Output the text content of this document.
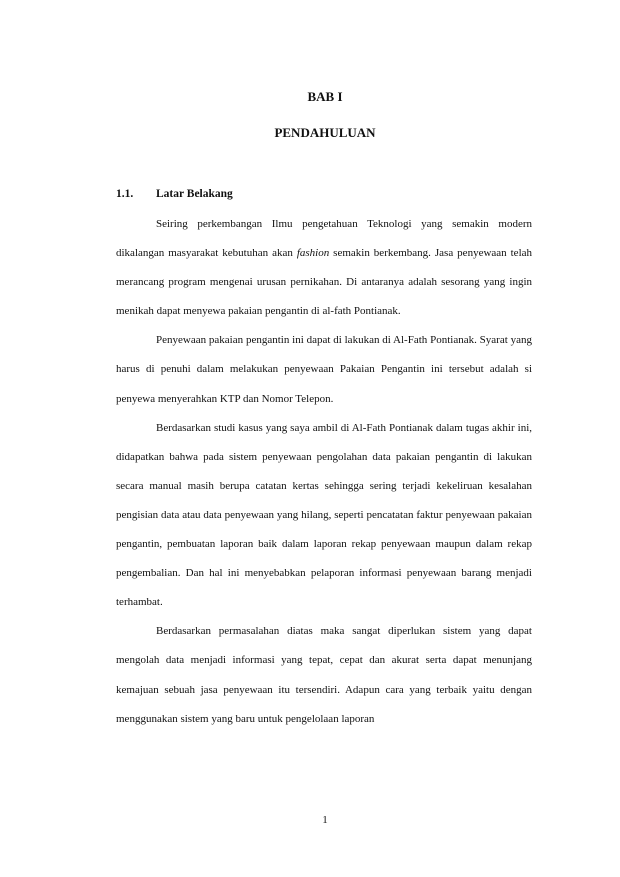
BAB I
PENDAHULUAN
1.1. Latar Belakang

Seiring perkembangan Ilmu pengetahuan Teknologi yang semakin modern dikalangan masyarakat kebutuhan akan fashion semakin berkembang. Jasa penyewaan telah merancang program mengenai urusan pernikahan. Di antaranya adalah sesorang yang ingin menikah dapat menyewa pakaian pengantin di al-fath Pontianak.

Penyewaan pakaian pengantin ini dapat di lakukan di Al-Fath Pontianak. Syarat yang harus di penuhi dalam melakukan penyewaan Pakaian Pengantin ini tersebut adalah si penyewa menyerahkan KTP dan Nomor Telepon.

Berdasarkan studi kasus yang saya ambil di Al-Fath Pontianak dalam tugas akhir ini, didapatkan bahwa pada sistem penyewaan pengolahan data pakaian pengantin di lakukan secara manual masih berupa catatan kertas sehingga sering terjadi kekeliruan kesalahan pengisian data atau data penyewaan yang hilang, seperti pencatatan faktur penyewaan pakaian pengantin, pembuatan laporan baik dalam laporan rekap penyewaan maupun dalam rekap pengembalian. Dan hal ini menyebabkan pelaporan informasi penyewaan barang menjadi terhambat.

Berdasarkan permasalahan diatas maka sangat diperlukan sistem yang dapat mengolah data menjadi informasi yang tepat, cepat dan akurat serta dapat menunjang kemajuan sebuah jasa penyewaan itu tersendiri. Adapun cara yang terbaik yaitu dengan menggunakan sistem yang baru untuk pengelolaan laporan

1
